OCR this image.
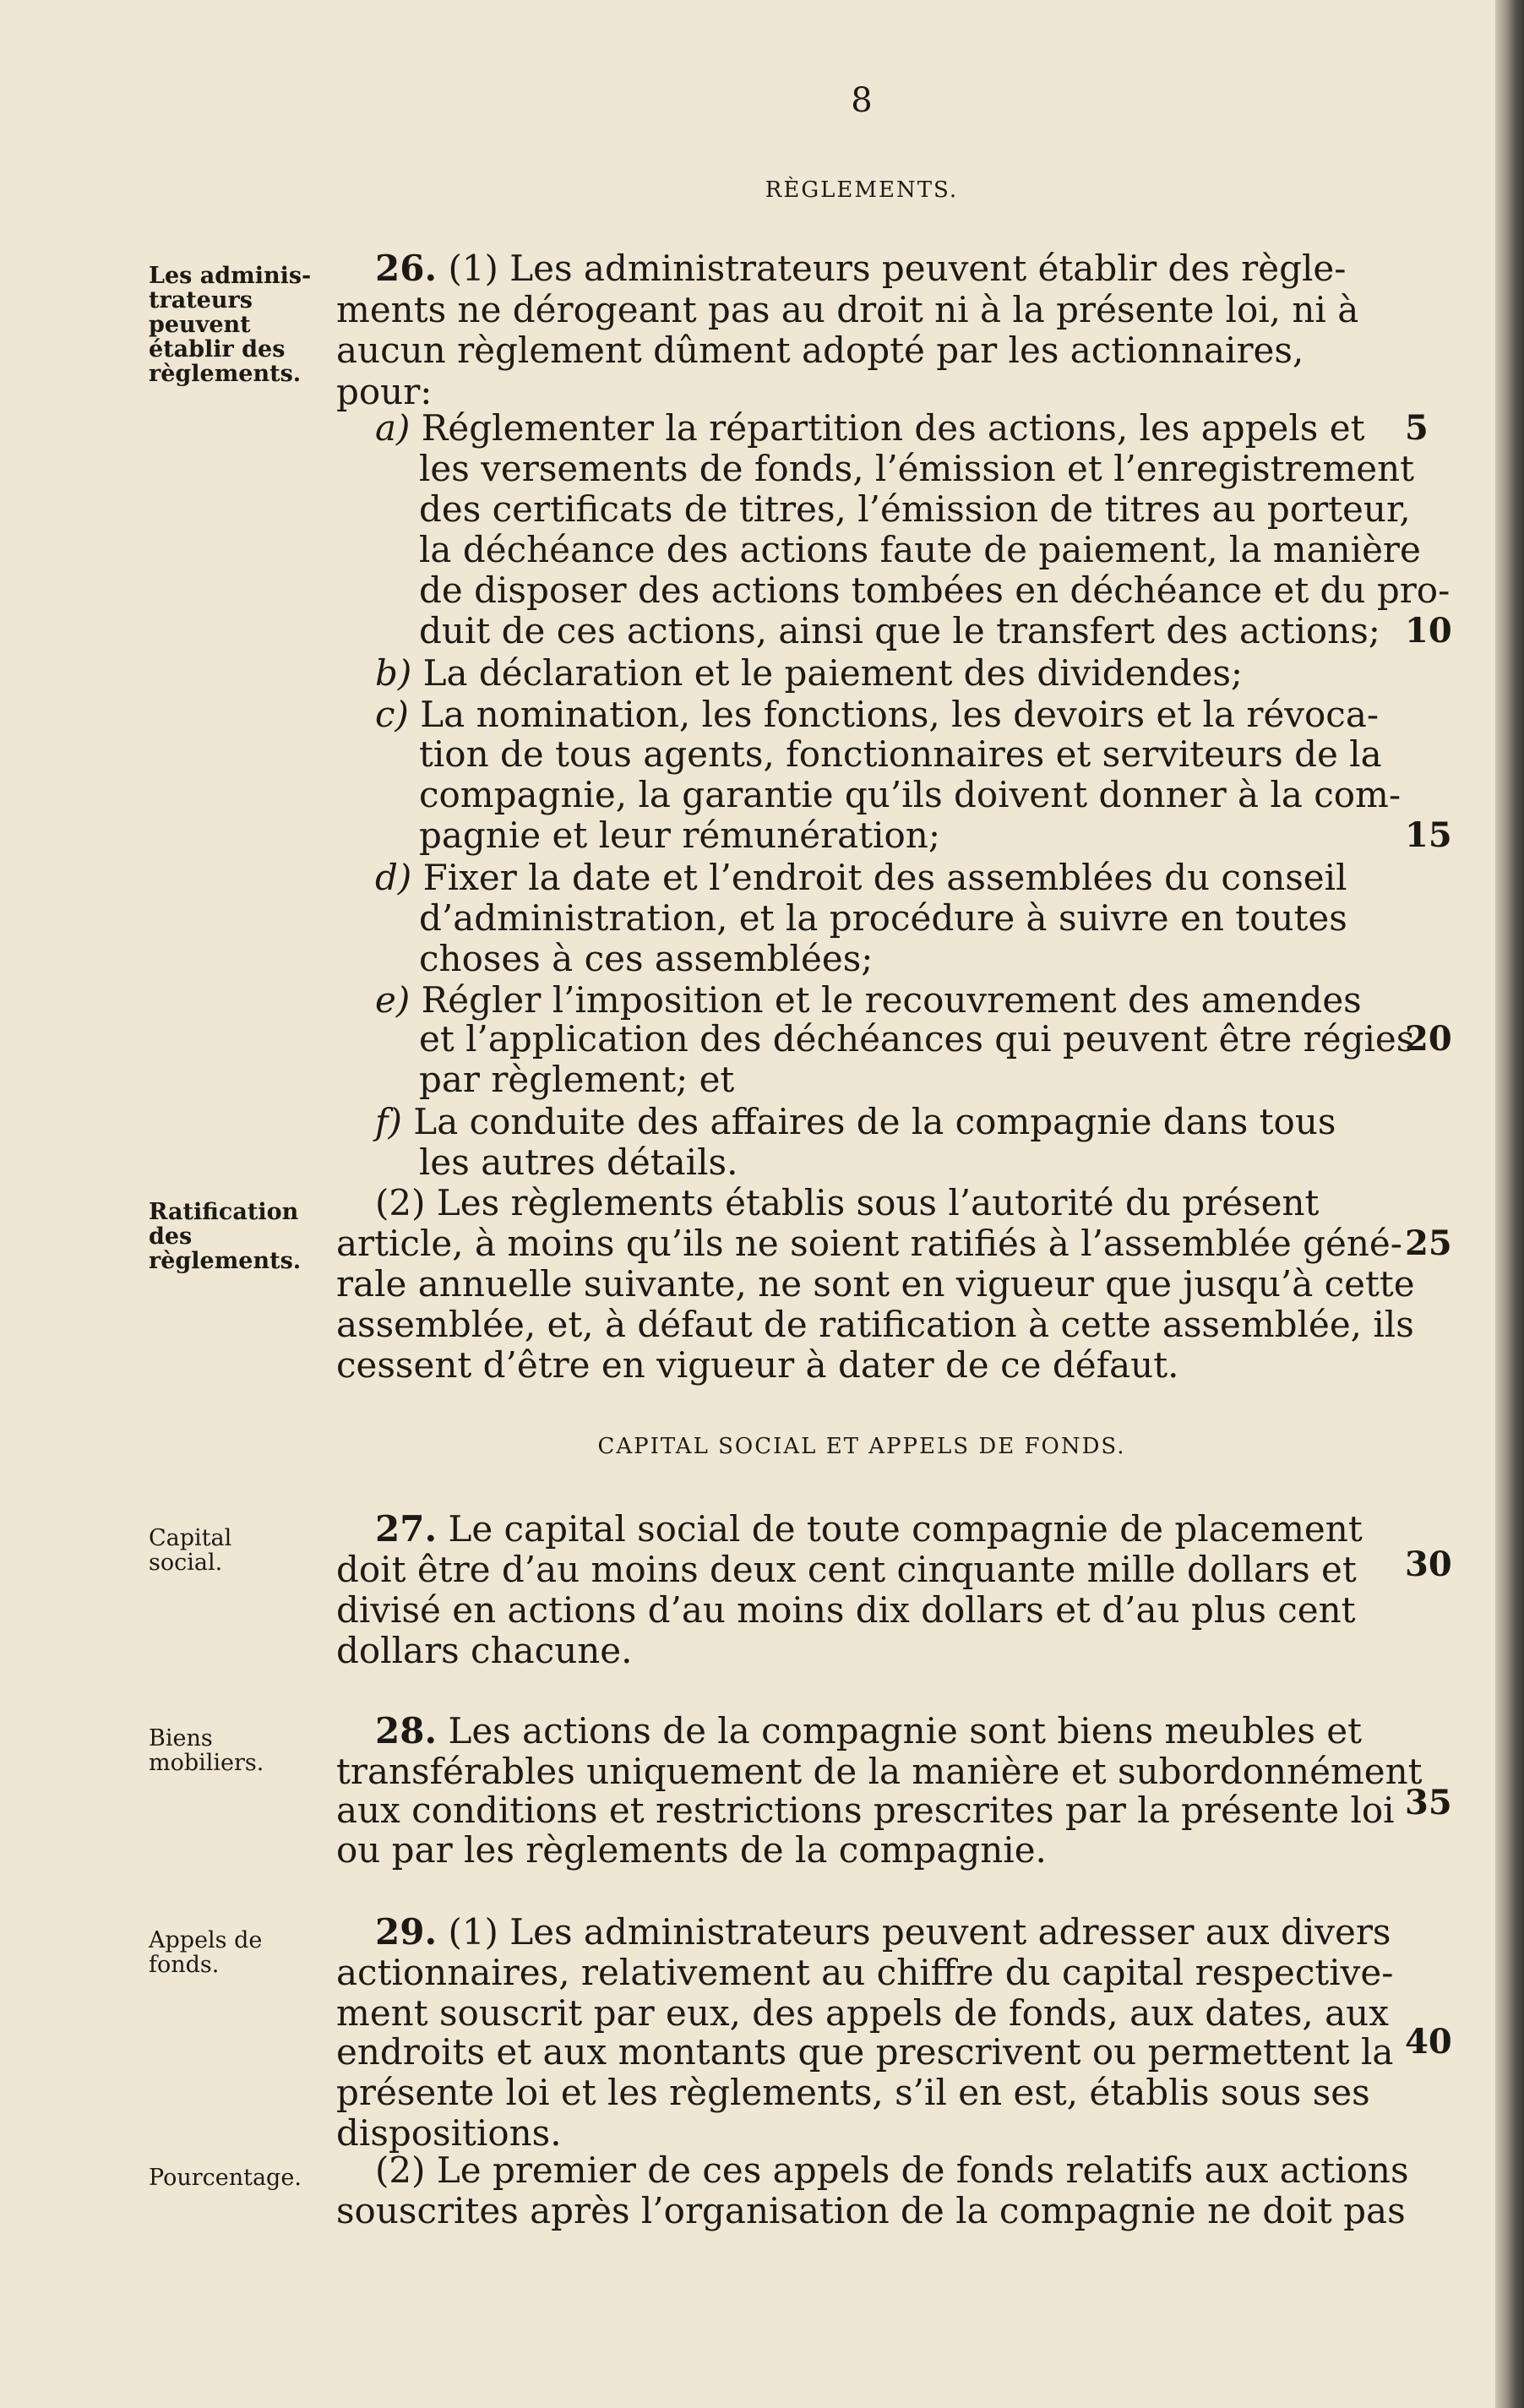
8
RÈGLEMENTS.
CAPITAL SOCIAL ET APPELS DE FONDS.
Les adminis-
trateurs
peuvent
établir des
règlements.
Ratification
des
règlements.
Capital
social.
Biens
mobiliers.
Appels de
fonds.
Pourcentage.
5
10
15
20
25
30
35
40
26. (1) Les administrateurs peuvent établir des règle-
ments ne dérogeant pas au droit ni à la présente loi, ni à
aucun règlement dûment adopté par les actionnaires,
pour:
a) Réglementer la répartition des actions, les appels et
les versements de fonds, l’émission et l’enregistrement
des certificats de titres, l’émission de titres au porteur,
la déchéance des actions faute de paiement, la manière
de disposer des actions tombées en déchéance et du pro-
duit de ces actions, ainsi que le transfert des actions;
b) La déclaration et le paiement des dividendes;
c) La nomination, les fonctions, les devoirs et la révoca-
tion de tous agents, fonctionnaires et serviteurs de la
compagnie, la garantie qu’ils doivent donner à la com-
pagnie et leur rémunération;
d) Fixer la date et l’endroit des assemblées du conseil
d’administration, et la procédure à suivre en toutes
choses à ces assemblées;
e) Régler l’imposition et le recouvrement des amendes
et l’application des déchéances qui peuvent être régies
par règlement; et
f) La conduite des affaires de la compagnie dans tous
les autres détails.
(2) Les règlements établis sous l’autorité du présent
article, à moins qu’ils ne soient ratifiés à l’assemblée géné-
rale annuelle suivante, ne sont en vigueur que jusqu’à cette
assemblée, et, à défaut de ratification à cette assemblée, ils
cessent d’être en vigueur à dater de ce défaut.
27. Le capital social de toute compagnie de placement
doit être d’au moins deux cent cinquante mille dollars et
divisé en actions d’au moins dix dollars et d’au plus cent
dollars chacune.
28. Les actions de la compagnie sont biens meubles et
transférables uniquement de la manière et subordonnément
aux conditions et restrictions prescrites par la présente loi
ou par les règlements de la compagnie.
29. (1) Les administrateurs peuvent adresser aux divers
actionnaires, relativement au chiffre du capital respective-
ment souscrit par eux, des appels de fonds, aux dates, aux
endroits et aux montants que prescrivent ou permettent la
présente loi et les règlements, s’il en est, établis sous ses
dispositions.
(2) Le premier de ces appels de fonds relatifs aux actions
souscrites après l’organisation de la compagnie ne doit pas
